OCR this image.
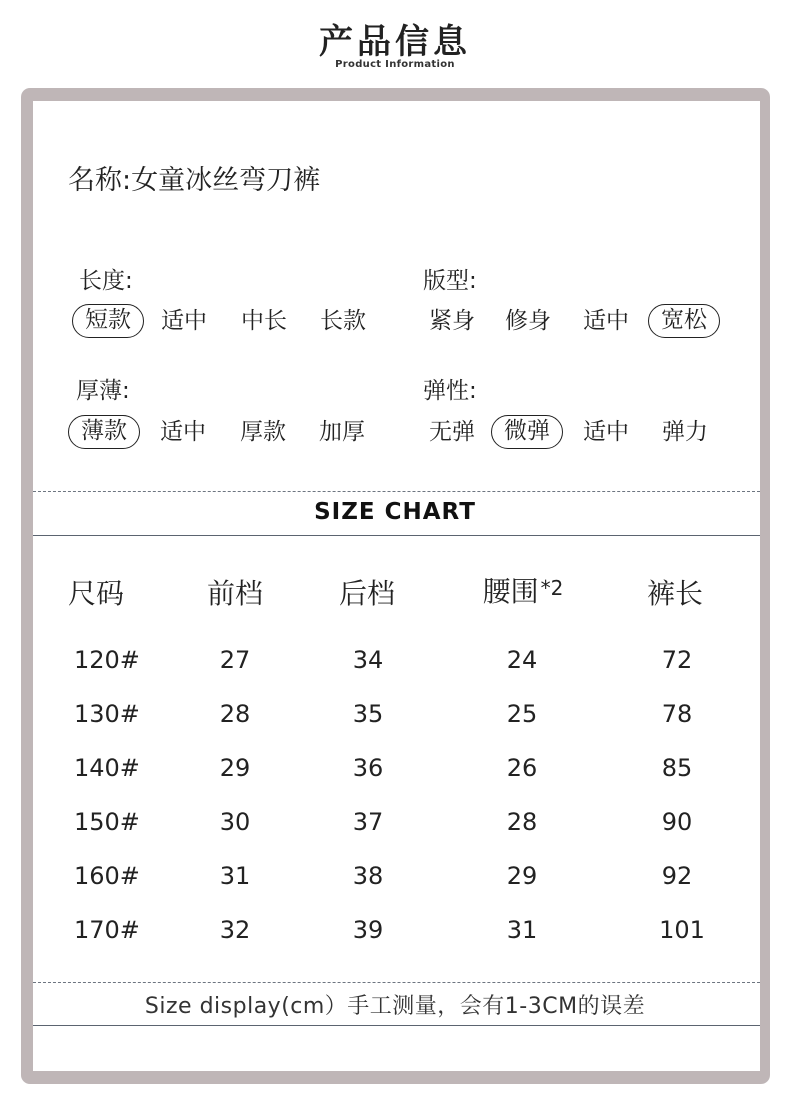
产品信息
Product Information
名称:女童冰丝弯刀裤
长度:
短款	适中 中长 长款
版型:
紧身 修身 适中	宽松
厚薄:
薄款	适中 厚款 加厚
弹性:
无弹	微弹	适中 弹力
SIZE CHART
尺码	前档	后档	腰围 $^{*2}$	裤长
120#	27	34	24	72
130#	28	35	25	78
140#	29	36	26	85
150#	30	37	28	90
160#	31	38	29	92
170#	32	39	31	101
Size display(cm）手工测量，会有1-3CM的误差
